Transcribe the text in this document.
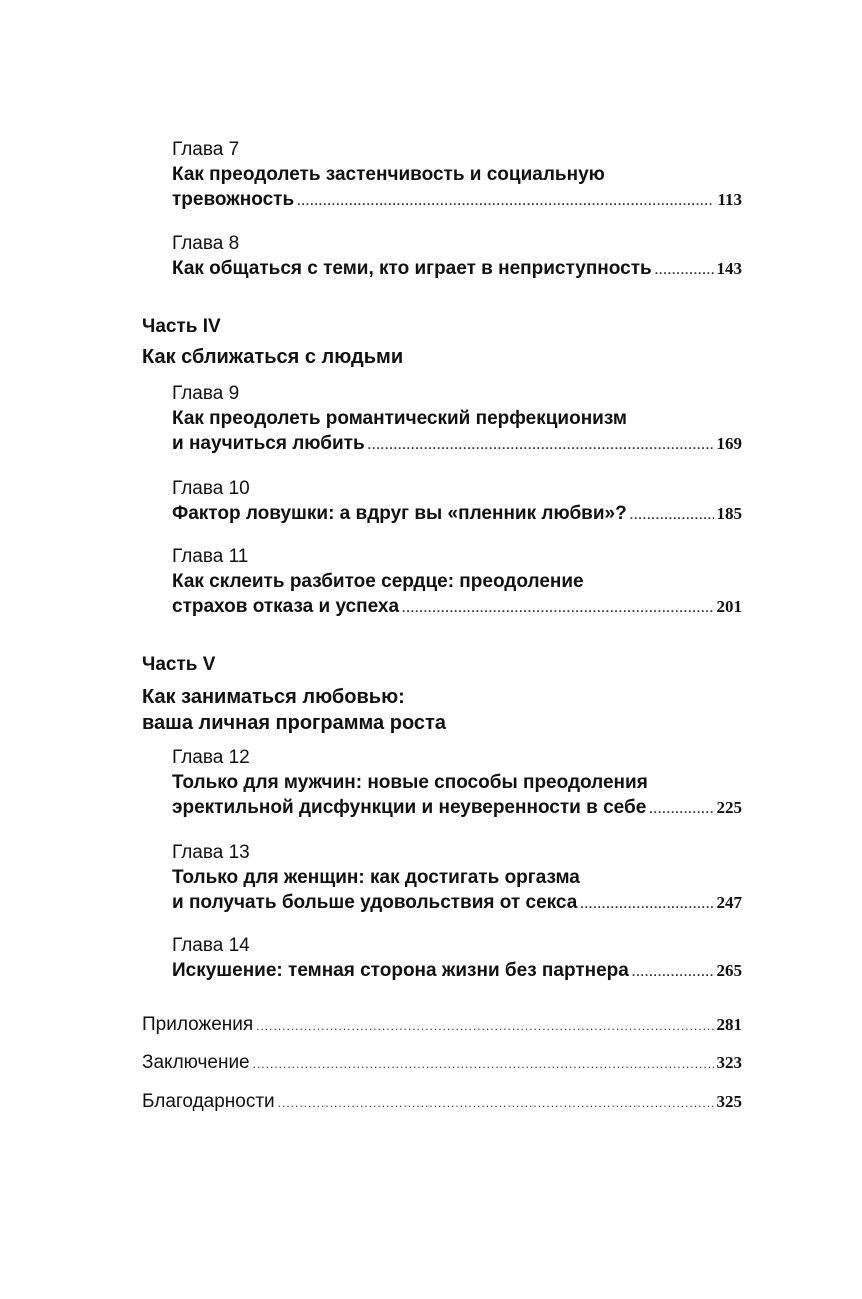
Глава 7
Как преодолеть застенчивость и социальную
тревожность .....	113
Глава 8
Как общаться с теми, кто играет в неприступность .....	143
Часть IV
Как сближаться с людьми
Глава 9
Как преодолеть романтический перфекционизм
и научиться любить .....	169
Глава 10
Фактор ловушки: а вдруг вы «пленник любви»? .....	185
Глава 11
Как склеить разбитое сердце: преодоление
страхов отказа и успеха .....	201
Часть V
Как заниматься любовью:
ваша личная программа роста
Глава 12
Только для мужчин: новые способы преодоления
эректильной дисфункции и неуверенности в себе .....	225
Глава 13
Только для женщин: как достигать оргазма
и получать больше удовольствия от секса .....	247
Глава 14
Искушение: темная сторона жизни без партнера .....	265
Приложения .....	281
Заключение .....	323
Благодарности .....	325
